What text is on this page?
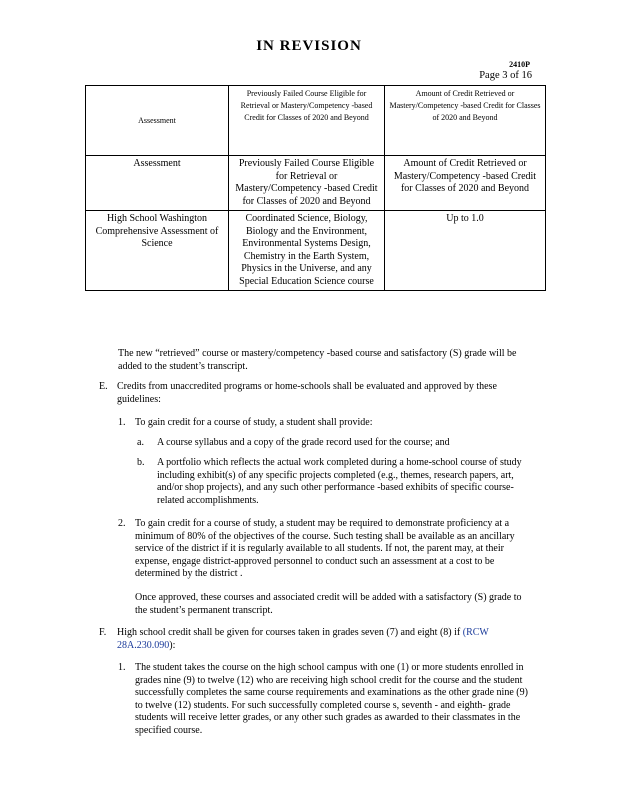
IN REVISION
2410P
Page 3 of 16
Assessment	Previously Failed Course Eligible for Retrieval or Mastery/Competency -based Credit for Classes of 2020 and Beyond	Amount of Credit Retrieved or Mastery/Competency -based Credit for Classes of 2020 and Beyond
Assessment	Previously Failed Course Eligible for Retrieval or Mastery/Competency -based Credit for Classes of 2020 and Beyond	Amount of Credit Retrieved or Mastery/Competency -based Credit for Classes of 2020 and Beyond
High School Washington Comprehensive Assessment of Science	Coordinated Science, Biology, Biology and the Environment, Environmental Systems Design, Chemistry in the Earth System, Physics in the Universe, and any Special Education Science course	Up to 1.0
The new “retrieved” course or mastery/competency -based course and satisfactory (S) grade will be added to the student’s transcript.
E. Credits from unaccredited programs or home-schools shall be evaluated and approved by these guidelines:
1. To gain credit for a course of study, a student shall provide:
a. A course syllabus and a copy of the grade record used for the course; and
b. A portfolio which reflects the actual work completed during a home-school course of study including exhibit(s) of any specific projects completed (e.g., themes, research papers, art, and/or shop projects), and any such other performance -based exhibits of specific course- related accomplishments.
2. To gain credit for a course of study, a student may be required to demonstrate proficiency at a minimum of 80% of the objectives of the course. Such testing shall be available as an ancillary service of the district if it is regularly available to all students. If not, the parent may, at their expense, engage district-approved personnel to conduct such an assessment at a cost to be determined by the district .
Once approved, these courses and associated credit will be added with a satisfactory (S) grade to the student’s permanent transcript.
F. High school credit shall be given for courses taken in grades seven (7) and eight (8) if (RCW 28A.230.090):
1. The student takes the course on the high school campus with one (1) or more students enrolled in grades nine (9) to twelve (12) who are receiving high school credit for the course and the student successfully completes the same course requirements and examinations as the other grade nine (9) to twelve (12) students. For such successfully completed course s, seventh - and eighth- grade students will receive letter grades, or any other such grades as awarded to their classmates in the specified course.
